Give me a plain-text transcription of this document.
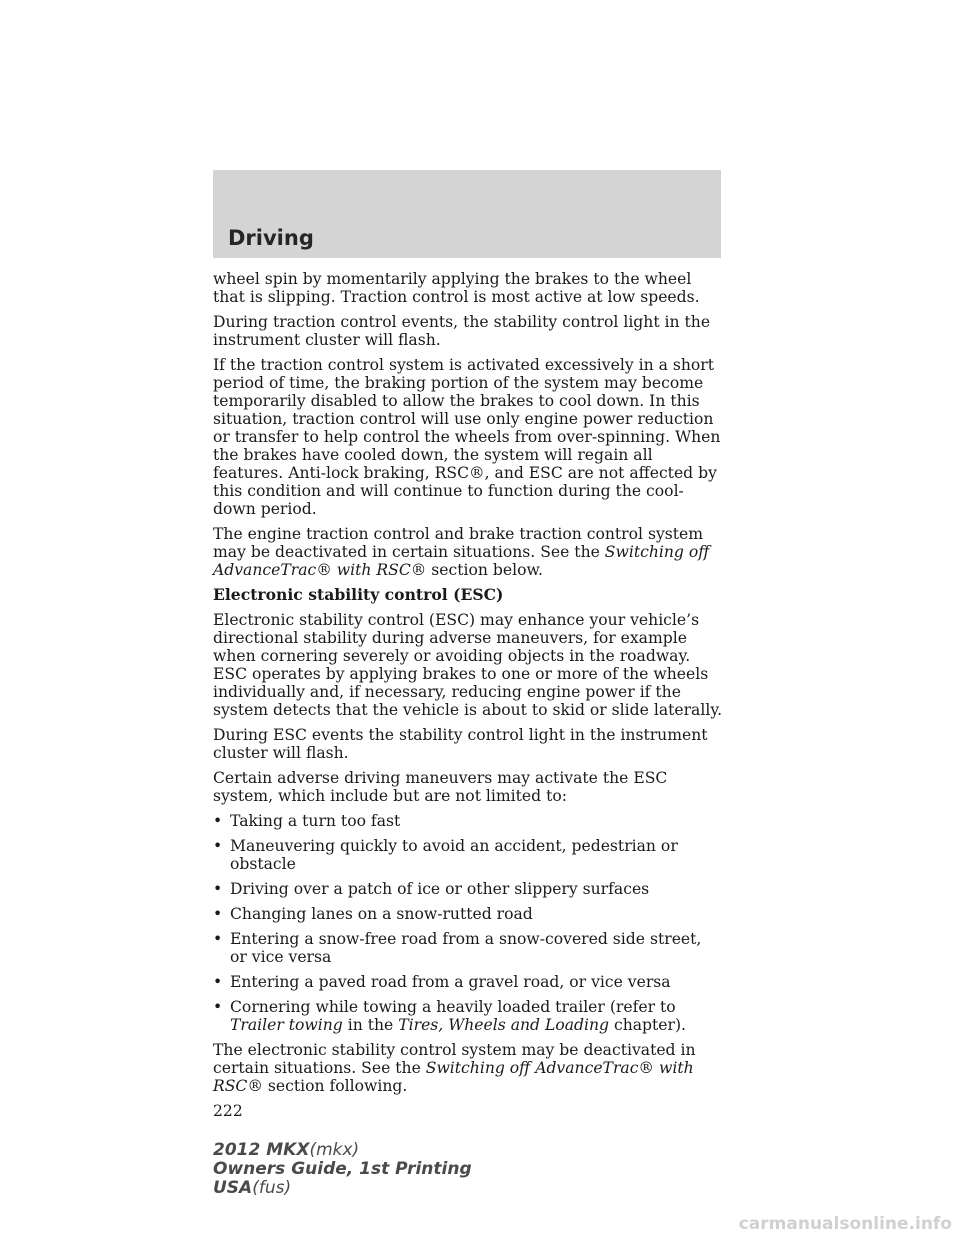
Driving

wheel spin by momentarily applying the brakes to the wheel that is slipping. Traction control is most active at low speeds.

During traction control events, the stability control light in the instrument cluster will flash.

If the traction control system is activated excessively in a short period of time, the braking portion of the system may become temporarily disabled to allow the brakes to cool down. In this situation, traction control will use only engine power reduction or transfer to help control the wheels from over-spinning. When the brakes have cooled down, the system will regain all features. Anti-lock braking, RSC®, and ESC are not affected by this condition and will continue to function during the cool-down period.

The engine traction control and brake traction control system may be deactivated in certain situations. See the Switching off AdvanceTrac® with RSC® section below.

Electronic stability control (ESC)

Electronic stability control (ESC) may enhance your vehicle’s directional stability during adverse maneuvers, for example when cornering severely or avoiding objects in the roadway. ESC operates by applying brakes to one or more of the wheels individually and, if necessary, reducing engine power if the system detects that the vehicle is about to skid or slide laterally.

During ESC events the stability control light in the instrument cluster will flash.

Certain adverse driving maneuvers may activate the ESC system, which include but are not limited to:

• Taking a turn too fast
• Maneuvering quickly to avoid an accident, pedestrian or obstacle
• Driving over a patch of ice or other slippery surfaces
• Changing lanes on a snow-rutted road
• Entering a snow-free road from a snow-covered side street, or vice versa
• Entering a paved road from a gravel road, or vice versa
• Cornering while towing a heavily loaded trailer (refer to Trailer towing in the Tires, Wheels and Loading chapter).

The electronic stability control system may be deactivated in certain situations. See the Switching off AdvanceTrac® with RSC® section following.

222
2012 MKX(mkx)
Owners Guide, 1st Printing
USA(fus)
carmanualsonline.info
